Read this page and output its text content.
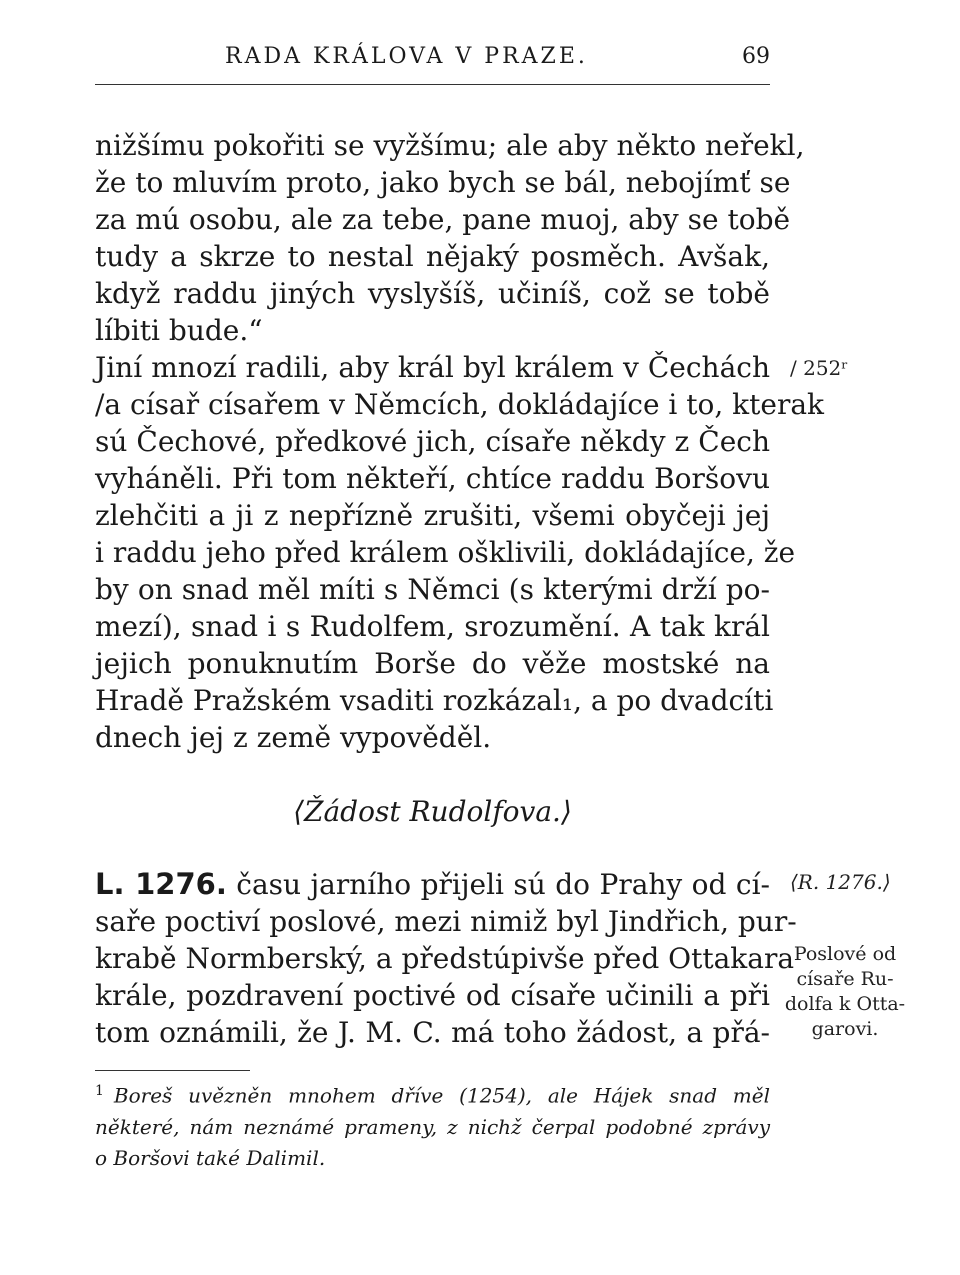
RADA KRÁLOVA V PRAZE.	69
nižšímu pokořiti se vyžšímu; ale aby někto neřekl,
že to mluvím proto, jako bych se bál, nebojímť se
za mú osobu, ale za tebe, pane muoj, aby se tobě
tudy a skrze to nestal nějaký posměch. Avšak,
když raddu jiných vyslyšíš, učiníš, což se tobě
líbiti bude.“
Jiní mnozí radili, aby král byl králem v Čechách
/a císař císařem v Němcích, dokládajíce i to, kterak
sú Čechové, předkové jich, císaře někdy z Čech
vyháněli. Při tom někteří, chtíce raddu Boršovu
zlehčiti a ji z nepřízně zrušiti, všemi obyčeji jej
i raddu jeho před králem ošklivili, dokládajíce, že
by on snad měl míti s Němci (s kterými drží po-
mezí), snad i s Rudolfem, srozumění. A tak král
jejich ponuknutím Borše do věže mostské na
Hradě Pražském vsaditi rozkázal₁, a po dvadcíti
dnech jej z země vypověděl.
⟨Žádost Rudolfova.⟩
L. 1276. času jarního přijeli sú do Prahy od cí-
saře poctiví poslové, mezi nimiž byl Jindřich, pur-
krabě Normberský, a předstúpivše před Ottakara
krále, pozdravení poctivé od císaře učinili a při
tom oznámili, že J. M. C. má toho žádost, a přá-
/ 252ʳ
⟨R. 1276.⟩
Poslové od
císaře Ru-
dolfa k Otta-
garovi.
$^1$ Boreš uvězněn mnohem dříve (1254), ale Hájek snad měl
některé, nám neznámé prameny, z nichž čerpal podobné zprávy
o Boršovi také Dalimil.
